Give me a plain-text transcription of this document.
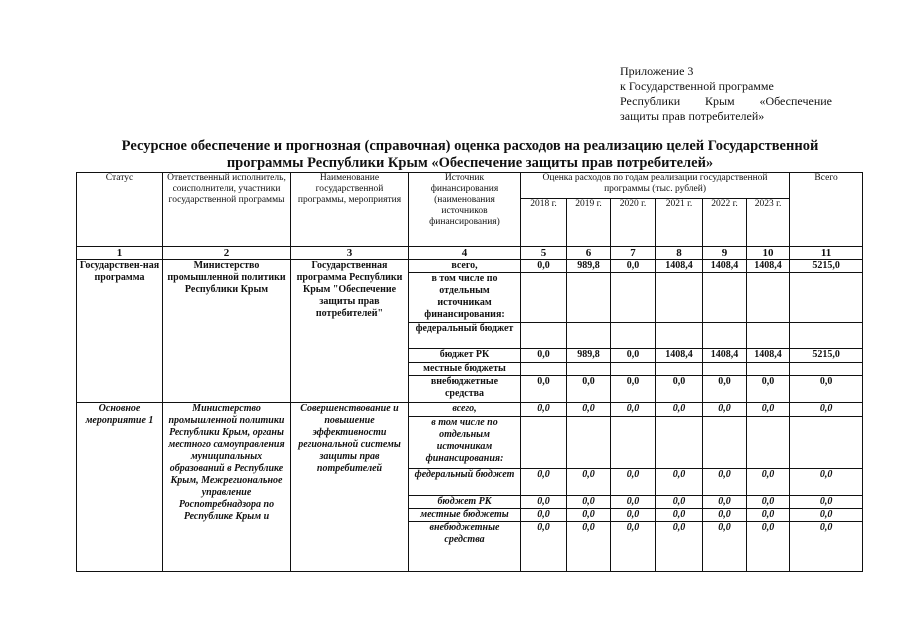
Приложение 3
к Государственной программе
Республики Крым «Обеспечение
защиты прав потребителей»
Ресурсное обеспечение и прогнозная (справочная) оценка расходов на реализацию целей Государственной
программы Республики Крым «Обеспечение защиты прав потребителей»
Статус	Ответственный исполнитель, соисполнители, участники государственной программы	Наименование государственной программы, мероприятия	Источник финансирования (наименования источников финансирования)	Оценка расходов по годам реализации государственной программы (тыс. рублей)						Всего
				2018 г.	2019 г.	2020 г.	2021 г.	2022 г.	2023 г.	
1	2	3	4	5	6	7	8	9	10	11
Государствен-ная программа	Министерство промышленной политики Республики Крым	Государственная программа Республики Крым "Обеспечение защиты прав потребителей"	всего,	0,0	989,8	0,0	1408,4	1408,4	1408,4	5215,0
			в том числе по отдельным источникам финансирования:							
			федеральный бюджет							
			бюджет РК	0,0	989,8	0,0	1408,4	1408,4	1408,4	5215,0
			местные бюджеты							
			внебюджетные средства	0,0	0,0	0,0	0,0	0,0	0,0	0,0
Основное мероприятие 1	Министерство промышленной политики Республики Крым, органы местного самоуправления муниципальных образований в Республике Крым, Межрегиональное управление Роспотребнадзора по Республике Крым и	Совершенствование и повышение эффективности региональной системы защиты прав потребителей	всего,	0,0	0,0	0,0	0,0	0,0	0,0	0,0
			в том числе по отдельным источникам финансирования:							
			федеральный бюджет	0,0	0,0	0,0	0,0	0,0	0,0	0,0
			бюджет РК	0,0	0,0	0,0	0,0	0,0	0,0	0,0
			местные бюджеты	0,0	0,0	0,0	0,0	0,0	0,0	0,0
			внебюджетные средства	0,0	0,0	0,0	0,0	0,0	0,0	0,0
